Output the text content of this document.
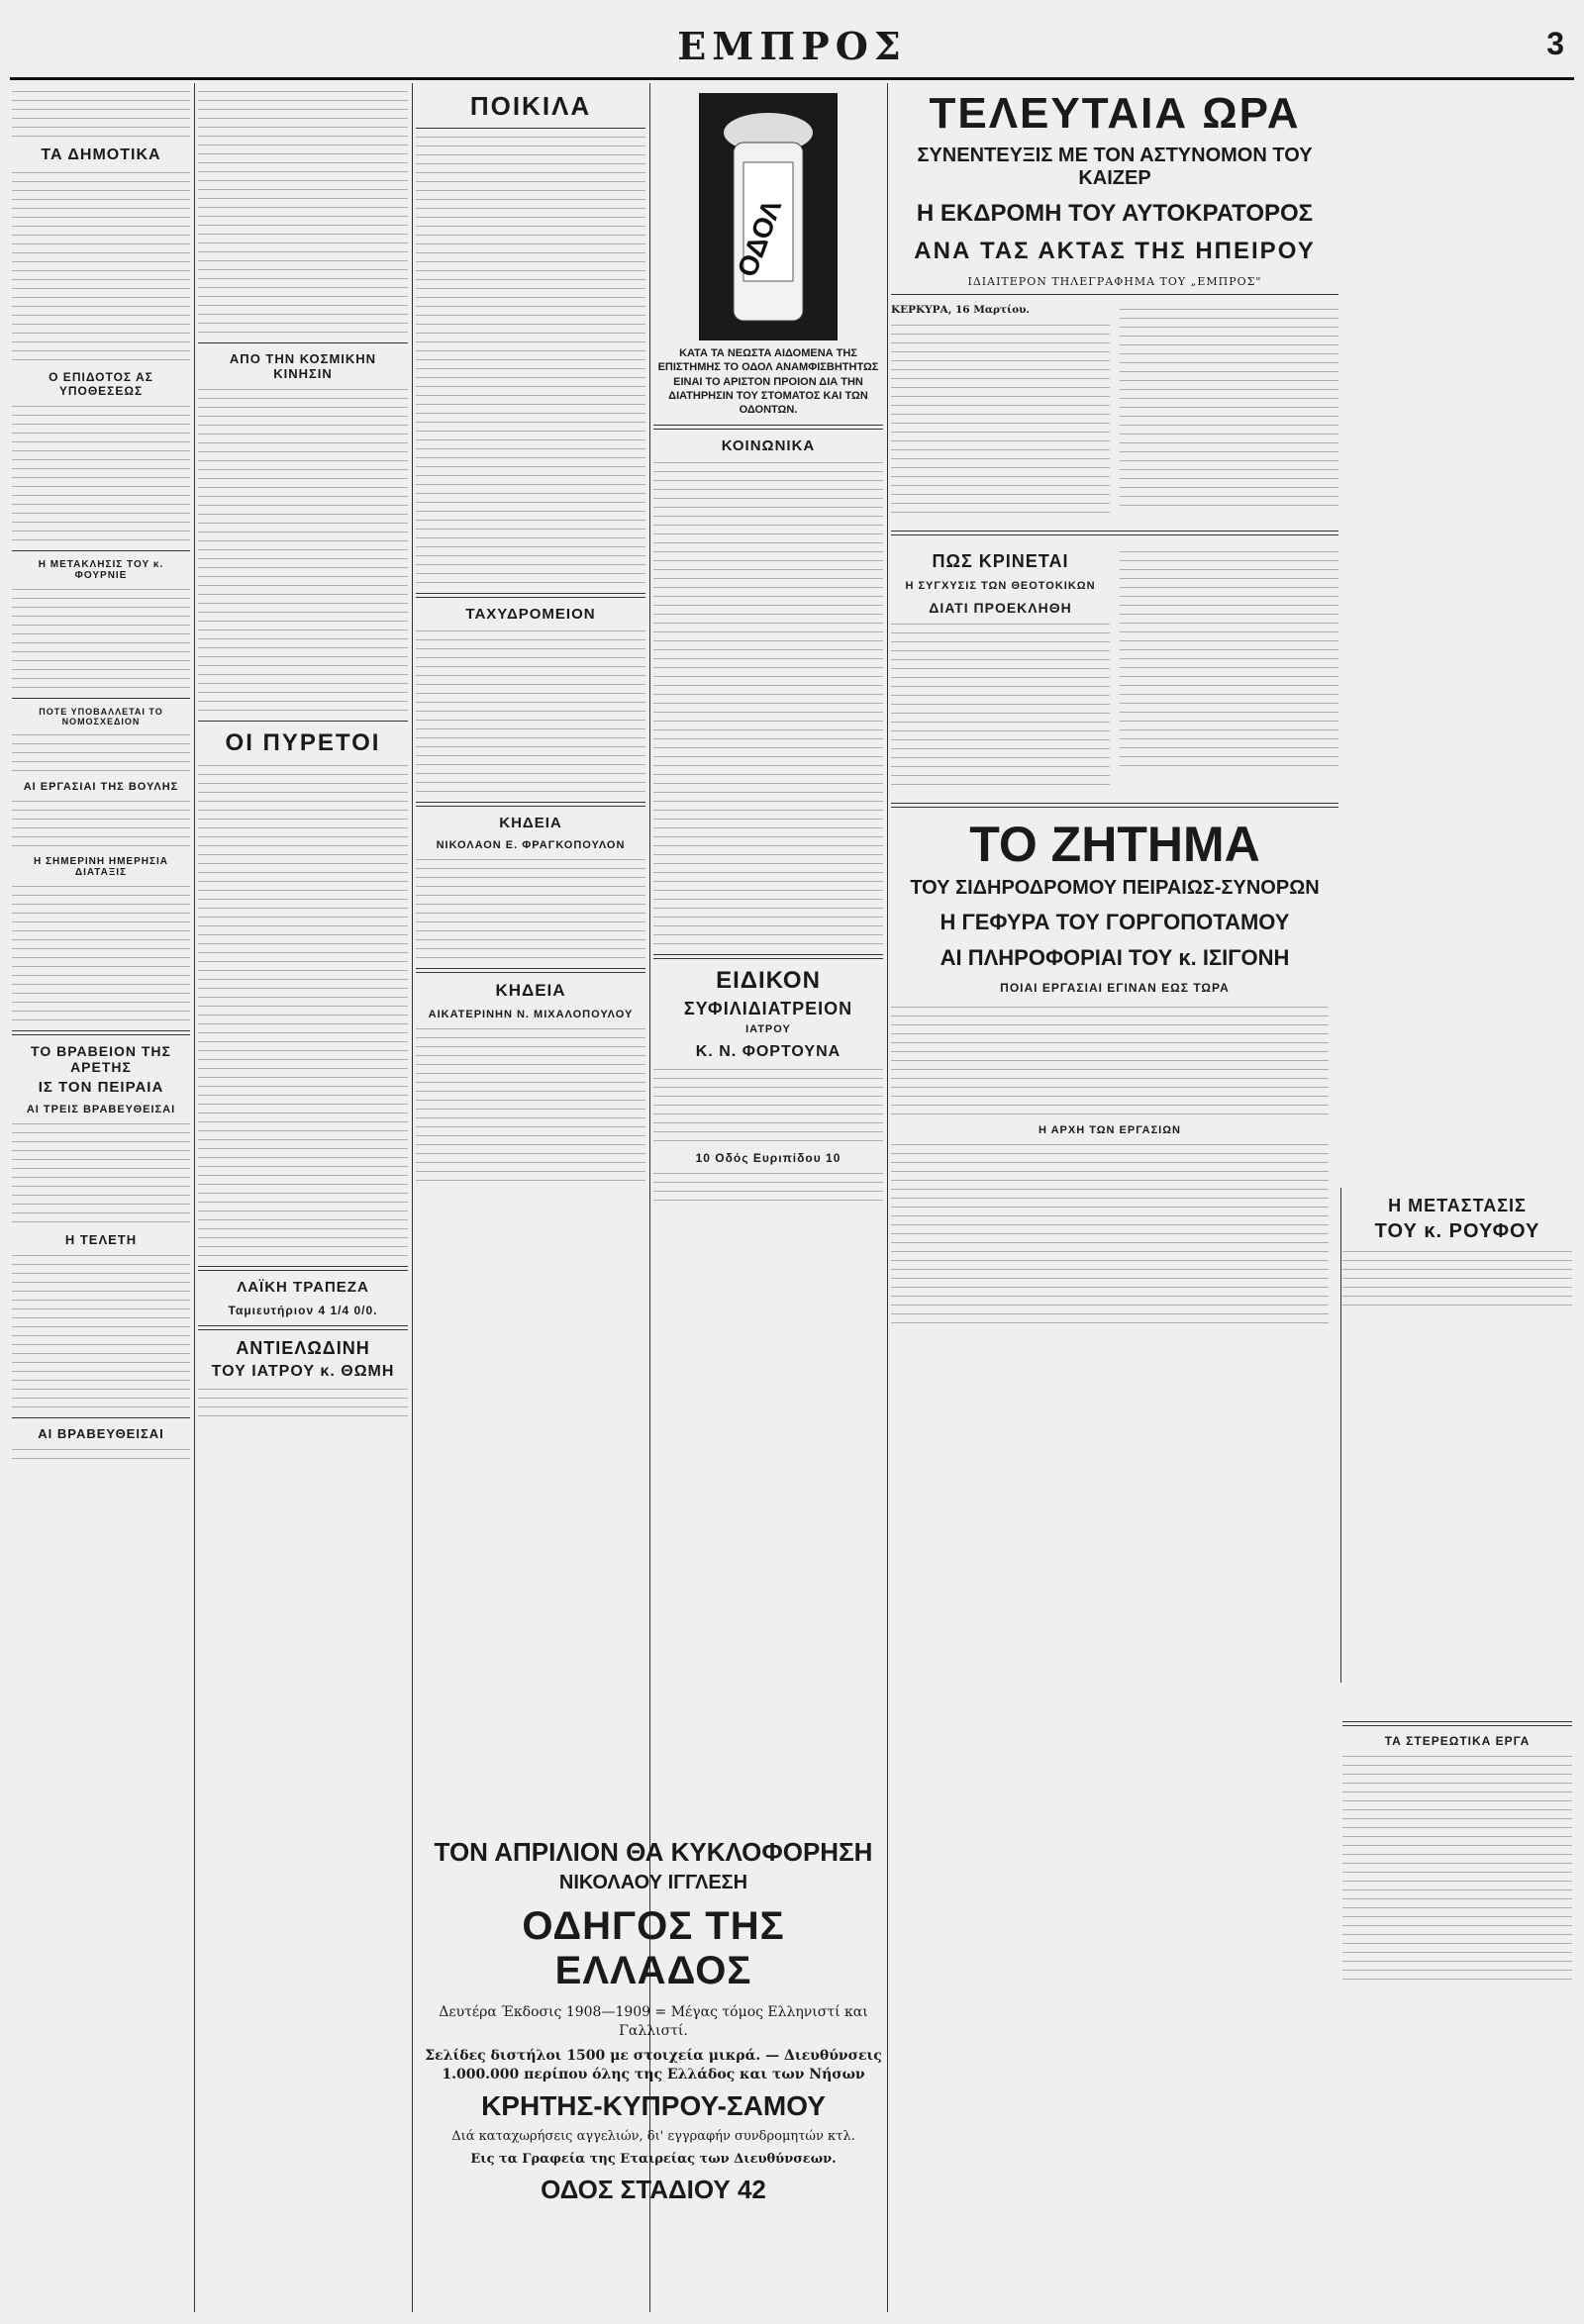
ΕΜΠΡΟΣ	3
ΤΑ ΔΗΜΟΤΙΚΑ
Ο ΕΠΙΔΟΤΟΣ ΑΣ ΥΠΟΘΕΣΕΩΣ
Η ΜΕΤΑΚΛΗΣΙΣ ΤΟΥ κ. ΦΟΥΡΝΙΕ
ΠΟΤΕ ΥΠΟΒΑΛΛΕΤΑΙ ΤΟ ΝΟΜΟΣΧΕΔΙΟΝ
ΑΙ ΕΡΓΑΣΙΑΙ ΤΗΣ ΒΟΥΛΗΣ
Η ΣΗΜΕΡΙΝΗ ΗΜΕΡΗΣΙΑ ΔΙΑΤΑΞΙΣ
ΤΟ ΒΡΑΒΕΙΟΝ ΤΗΣ ΑΡΕΤΗΣ
ΙΣ ΤΟΝ ΠΕΙΡΑΙΑ
ΑΙ ΤΡΕΙΣ ΒΡΑΒΕΥΘΕΙΣΑΙ
Η ΤΕΛΕΤΗ
ΑΙ ΒΡΑΒΕΥΘΕΙΣΑΙ
ΑΠΟ ΤΗΝ ΚΟΣΜΙΚΗΝ ΚΙΝΗΣΙΝ
ΟΙ ΠΥΡΕΤΟΙ
ΛΑΪΚΗ ΤΡΑΠΕΖΑ
Ταμιευτήριον 4 1/4 0/0.
ΑΝΤΙΕΛΩΔΙΝΗ
ΤΟΥ ΙΑΤΡΟΥ κ. ΘΩΜΗ
ΠΟΙΚΙΛΑ
ΤΑΧΥΔΡΟΜΕΙΟΝ
ΚΗΔΕΙΑ
ΝΙΚΟΛΑΟΝ Ε. ΦΡΑΓΚΟΠΟΥΛΟΝ
ΚΗΔΕΙΑ
ΑΙΚΑΤΕΡΙΝΗΝ Ν. ΜΙΧΑΛΟΠΟΥΛΟΥ
ΟΔΟΛ
ΚΑΤΑ ΤΑ ΝΕΩΣΤΑ ΑΙΔΟΜΕΝΑ ΤΗΣ ΕΠΙΣΤΗΜΗΣ ΤΟ ΟΔΟΛ ΑΝΑΜΦΙΣΒΗΤΗΤΩΣ ΕΙΝΑΙ ΤΟ ΑΡΙΣΤΟΝ ΠΡΟΙΟΝ ΔΙΑ ΤΗΝ ΔΙΑΤΗΡΗΣΙΝ ΤΟΥ ΣΤΟΜΑΤΟΣ ΚΑΙ ΤΩΝ ΟΔΟΝΤΩΝ.
ΚΟΙΝΩΝΙΚΑ
ΕΙΔΙΚΟΝ
ΣΥΦΙΛΙΔΙΑΤΡΕΙΟΝ
ΙΑΤΡΟΥ
Κ. Ν. ΦΟΡΤΟΥΝΑ
10 Οδός Ευριπίδου 10
ΤΕΛΕΥΤΑΙΑ ΩΡΑ
ΣΥΝΕΝΤΕΥΞΙΣ ΜΕ ΤΟΝ ΑΣΤΥΝΟΜΟΝ ΤΟΥ ΚΑΙΖΕΡ
Η ΕΚΔΡΟΜΗ ΤΟΥ ΑΥΤΟΚΡΑΤΟΡΟΣ
ΑΝΑ ΤΑΣ ΑΚΤΑΣ ΤΗΣ ΗΠΕΙΡΟΥ
ΙΔΙΑΙΤΕΡΟΝ ΤΗΛΕΓΡΑΦΗΜΑ ΤΟΥ „ΕΜΠΡΟΣ"
ΚΕΡΚΥΡΑ, 16 Μαρτίου.
ΠΩΣ ΚΡΙΝΕΤΑΙ
Η ΣΥΓΧΥΣΙΣ ΤΩΝ ΘΕΟΤΟΚΙΚΩΝ
ΔΙΑΤΙ ΠΡΟΕΚΛΗΘΗ
ΤΟ ΖΗΤΗΜΑ
ΤΟΥ ΣΙΔΗΡΟΔΡΟΜΟΥ ΠΕΙΡΑΙΩΣ-ΣΥΝΟΡΩΝ
Η ΓΕΦΥΡΑ ΤΟΥ ΓΟΡΓΟΠΟΤΑΜΟΥ
ΑΙ ΠΛΗΡΟΦΟΡΙΑΙ ΤΟΥ κ. ΙΣΙΓΟΝΗ
ΠΟΙΑΙ ΕΡΓΑΣΙΑΙ ΕΓΙΝΑΝ ΕΩΣ ΤΩΡΑ
Η ΑΡΧΗ ΤΩΝ ΕΡΓΑΣΙΩΝ
ΤΟΝ ΑΠΡΙΛΙΟΝ ΘΑ ΚΥΚΛΟΦΟΡΗΣΗ
ΝΙΚΟΛΑΟΥ ΙΓΓΛΕΣΗ
ΟΔΗΓΟΣ ΤΗΣ ΕΛΛΑΔΟΣ
Δευτέρα Έκδοσις 1908—1909 = Μέγας τόμος Ελληνιστί και Γαλλιστί.
Σελίδες διστήλοι 1500 με στοιχεία μικρά. — Διευθύνσεις 1.000.000 περίπου όλης της Ελλάδος και των Νήσων
ΚΡΗΤΗΣ-ΚΥΠΡΟΥ-ΣΑΜΟΥ
Διά καταχωρήσεις αγγελιών, δι' εγγραφήν συνδρομητών κτλ.
Εις τα Γραφεία της Εταιρείας των Διευθύνσεων.
ΟΔΟΣ ΣΤΑΔΙΟΥ 42
Η ΜΕΤΑΣΤΑΣΙΣ
ΤΟΥ κ. ΡΟΥΦΟΥ
ΤΑ ΣΤΕΡΕΩΤΙΚΑ ΕΡΓΑ
